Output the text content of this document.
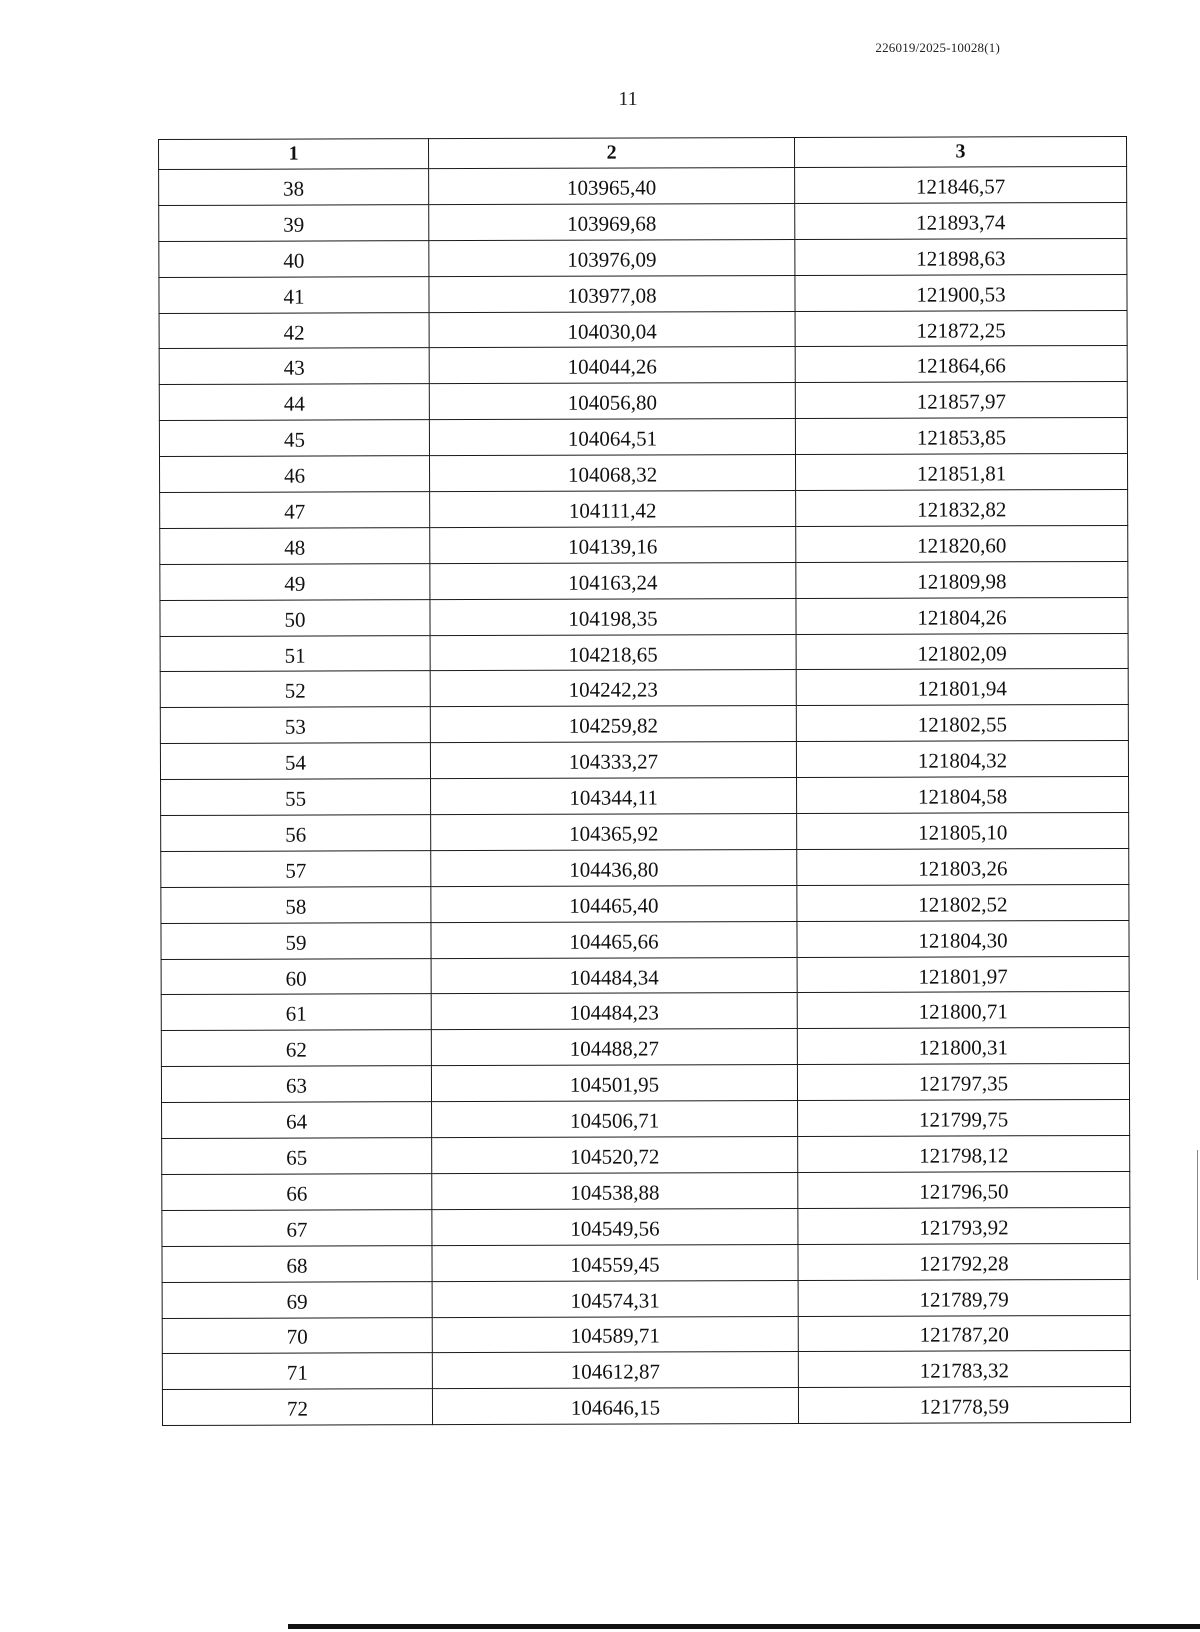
226019/2025-10028(1)
11
1	2	3
38	103965,40	121846,57
39	103969,68	121893,74
40	103976,09	121898,63
41	103977,08	121900,53
42	104030,04	121872,25
43	104044,26	121864,66
44	104056,80	121857,97
45	104064,51	121853,85
46	104068,32	121851,81
47	104111,42	121832,82
48	104139,16	121820,60
49	104163,24	121809,98
50	104198,35	121804,26
51	104218,65	121802,09
52	104242,23	121801,94
53	104259,82	121802,55
54	104333,27	121804,32
55	104344,11	121804,58
56	104365,92	121805,10
57	104436,80	121803,26
58	104465,40	121802,52
59	104465,66	121804,30
60	104484,34	121801,97
61	104484,23	121800,71
62	104488,27	121800,31
63	104501,95	121797,35
64	104506,71	121799,75
65	104520,72	121798,12
66	104538,88	121796,50
67	104549,56	121793,92
68	104559,45	121792,28
69	104574,31	121789,79
70	104589,71	121787,20
71	104612,87	121783,32
72	104646,15	121778,59
